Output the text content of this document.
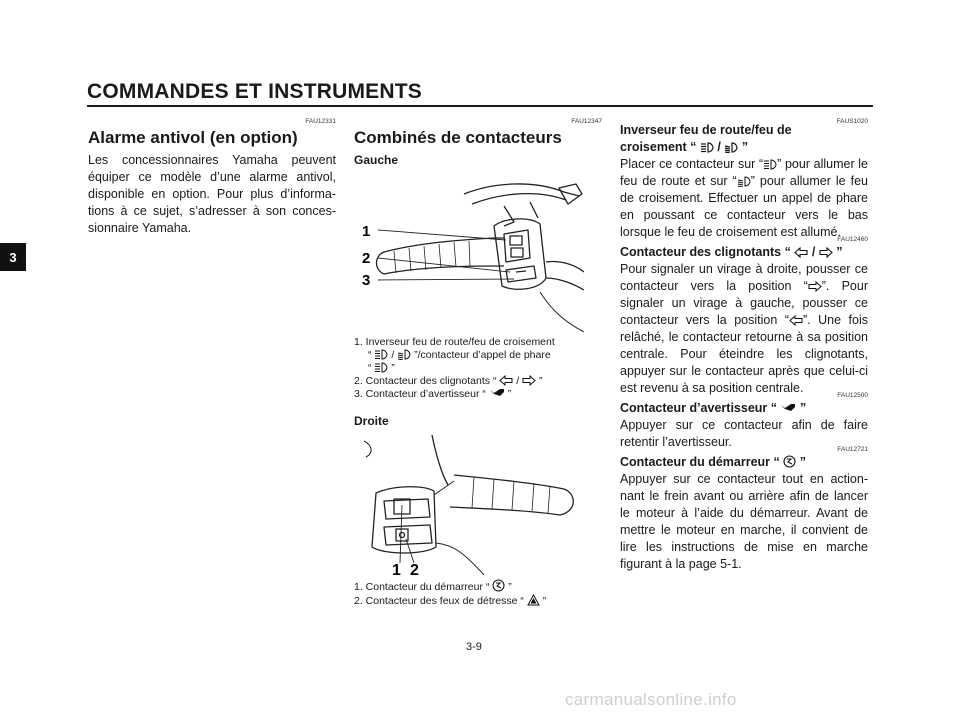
COMMANDES ET INSTRUMENTS
3
FAU12331
Alarme antivol (en option)

Les concessionnaires Yamaha peuvent équiper ce modèle d’une alarme antivol, disponible en option. Pour plus d’informations à ce sujet, s’adresser à son concessionnaire Yamaha.

FAU12347
Combinés de contacteurs
Gauche
1
2
3
1. Inverseur feu de route/feu de croisement
“ / ”/contacteur d’appel de phare
“ ”
2. Contacteur des clignotants “ / ”
3. Contacteur d’avertisseur “ ”
Droite
1 2
1. Contacteur du démarreur “ ”
2. Contacteur des feux de détresse “ ”
FAUS1020
Inverseur feu de route/feu de
croisement “ / ”

Placer ce contacteur sur “ ” pour allumer le feu de route et sur “ ” pour allumer le feu de croisement. Effectuer un appel de phare en poussant ce contacteur vers le bas lorsque le feu de croisement est allumé.

FAU12460
Contacteur des clignotants “ / ”

Pour signaler un virage à droite, pousser ce contacteur vers la position “ ”. Pour signaler un virage à gauche, pousser ce contacteur vers la position “ ”. Une fois relâché, le contacteur retourne à sa position centrale. Pour éteindre les clignotants, appuyer sur le contacteur après que celui-ci est revenu à sa position centrale.

FAU12500
Contacteur d’avertisseur “ ”

Appuyer sur ce contacteur afin de faire retentir l’avertisseur.

FAU12721
Contacteur du démarreur “ ”

Appuyer sur ce contacteur tout en actionnant le frein avant ou arrière afin de lancer le moteur à l’aide du démarreur. Avant de mettre le moteur en marche, il convient de lire les instructions de mise en marche figurant à la page 5-1.

3-9
carmanualsonline.info
